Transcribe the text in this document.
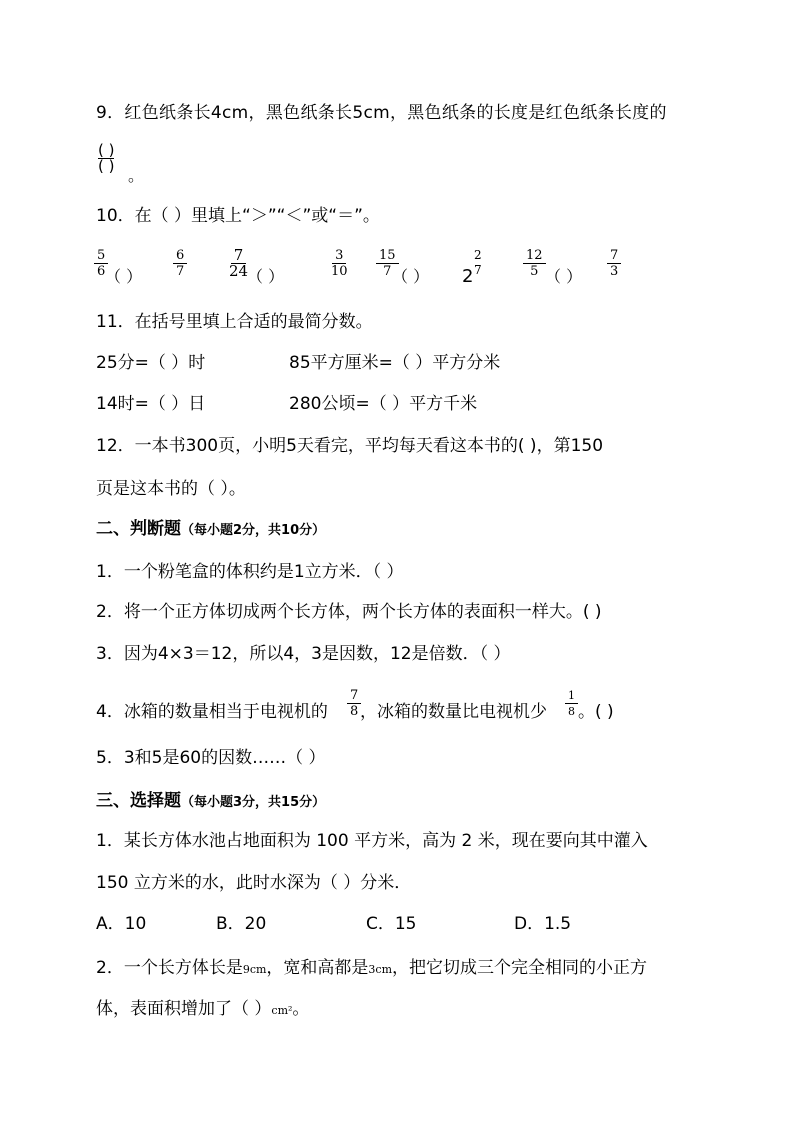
9．红色纸条长4cm，黑色纸条长5cm，黑色纸条的长度是红色纸条长度的
( )
( ) 。
10．在（ ）里填上“＞”“＜”或“＝”。
$\frac{5}{6}$
（ ） $\frac{6}{7}$	$\frac{7}{24}$
（ ）	$\frac{3}{10} \frac{15}{7}$
（ ） 2
2
7	$\frac{12}{5}$ （ ） $\frac{7}{3}$
11．在括号里填上合适的最简分数。
25分=（ ）时	85平方厘米=（ ）平方分米
14时=（ ）日	280公顷=（ ）平方千米
12．一本书300页，小明5天看完，平均每天看这本书的( )，第150
页是这本书的（ ）。
二、判断题（每小题2分，共10分）
1．一个粉笔盒的体积约是1立方米．（ ）
2．将一个正方体切成两个长方体，两个长方体的表面积一样大。( )
3．因为4×3＝12，所以4，3是因数，12是倍数．（ ）
4．冰箱的数量相当于电视机的 $\frac{7}{8}$
，冰箱的数量比电视机少 $\frac{1}{8}$ 。( )
5．3和5是60的因数……（ ）
三、选择题（每小题3分，共15分）
1．某长方体水池占地面积为 100 平方米，高为 2 米，现在要向其中灌入
150 立方米的水，此时水深为（ ）分米．
A．10	B．20	C．15	D．1.5
2．一个长方体长是9cm，宽和高都是3cm，把它切成三个完全相同的小正方
体，表面积增加了（ ）cm²。
